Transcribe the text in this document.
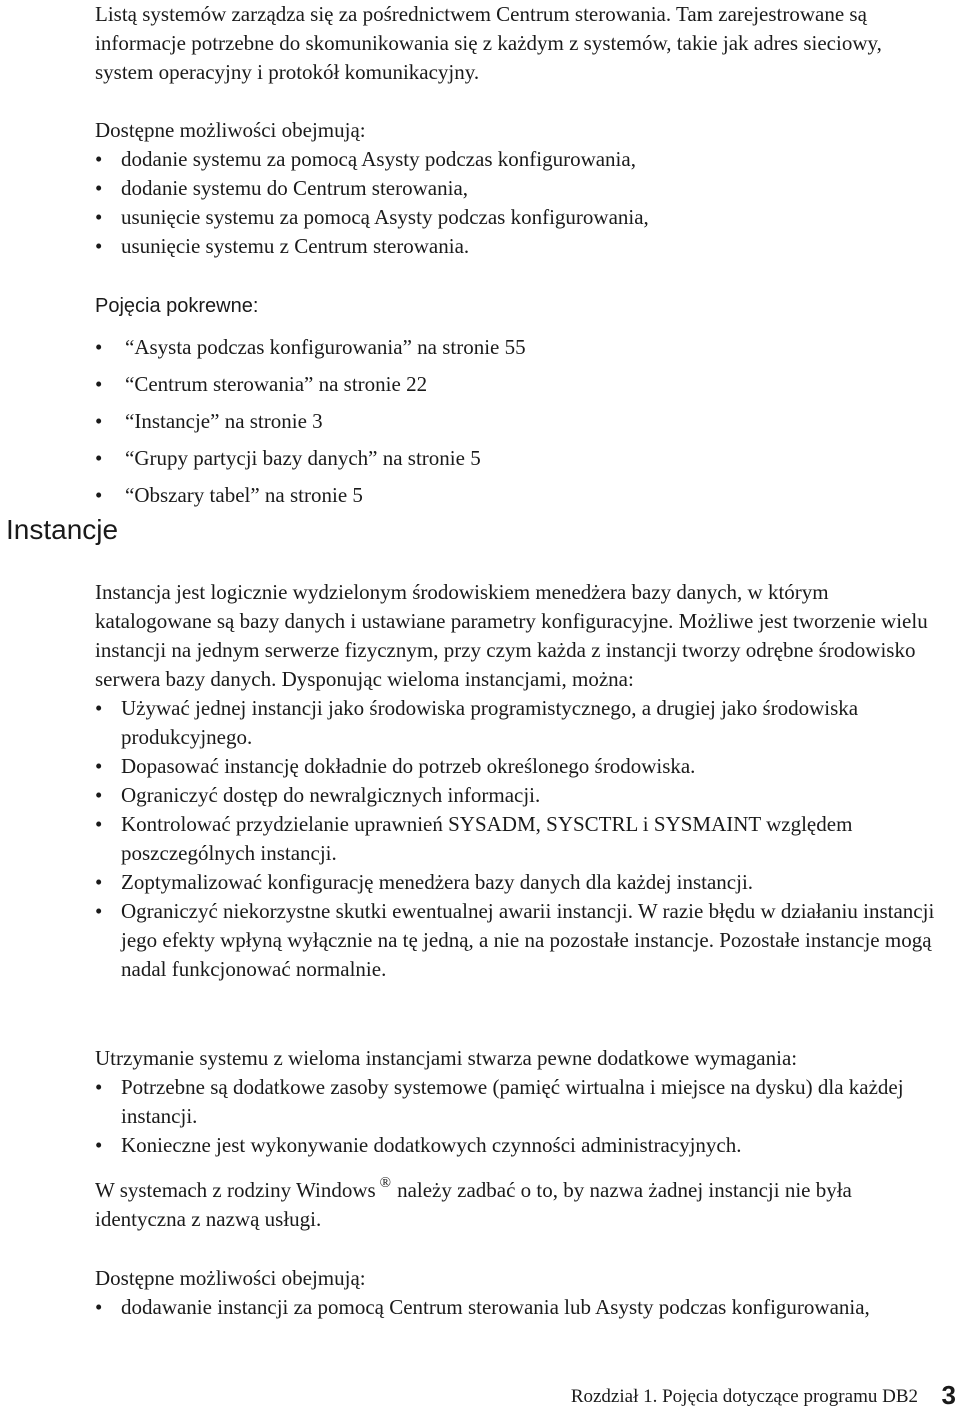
Listą systemów zarządza się za pośrednictwem Centrum sterowania. Tam zarejestrowane są informacje potrzebne do skomunikowania się z każdym z systemów, takie jak adres sieciowy, system operacyjny i protokół komunikacyjny.

Dostępne możliwości obejmują:

• dodanie systemu za pomocą Asysty podczas konfigurowania,
• dodanie systemu do Centrum sterowania,
• usunięcie systemu za pomocą Asysty podczas konfigurowania,
• usunięcie systemu z Centrum sterowania.
Pojęcia pokrewne:
• “Asysta podczas konfigurowania” na stronie 55
• “Centrum sterowania” na stronie 22
• “Instancje” na stronie 3
• “Grupy partycji bazy danych” na stronie 5
• “Obszary tabel” na stronie 5
Instancje

Instancja jest logicznie wydzielonym środowiskiem menedżera bazy danych, w którym katalogowane są bazy danych i ustawiane parametry konfiguracyjne. Możliwe jest tworzenie wielu instancji na jednym serwerze fizycznym, przy czym każda z instancji tworzy odrębne środowisko serwera bazy danych. Dysponując wieloma instancjami, można:

• Używać jednej instancji jako środowiska programistycznego, a drugiej jako środowiska produkcyjnego.
• Dopasować instancję dokładnie do potrzeb określonego środowiska.
• Ograniczyć dostęp do newralgicznych informacji.
• Kontrolować przydzielanie uprawnień SYSADM, SYSCTRL i SYSMAINT względem poszczególnych instancji.
• Zoptymalizować konfigurację menedżera bazy danych dla każdej instancji.
• Ograniczyć niekorzystne skutki ewentualnej awarii instancji. W razie błędu w działaniu instancji jego efekty wpłyną wyłącznie na tę jedną, a nie na pozostałe instancje. Pozostałe instancje mogą nadal funkcjonować normalnie.

Utrzymanie systemu z wieloma instancjami stwarza pewne dodatkowe wymagania:

• Potrzebne są dodatkowe zasoby systemowe (pamięć wirtualna i miejsce na dysku) dla każdej instancji.
• Konieczne jest wykonywanie dodatkowych czynności administracyjnych.

W systemach z rodziny Windows ® należy zadbać o to, by nazwa żadnej instancji nie była identyczna z nazwą usługi.

Dostępne możliwości obejmują:

• dodawanie instancji za pomocą Centrum sterowania lub Asysty podczas konfigurowania,
Rozdział 1. Pojęcia dotyczące programu DB2 3
